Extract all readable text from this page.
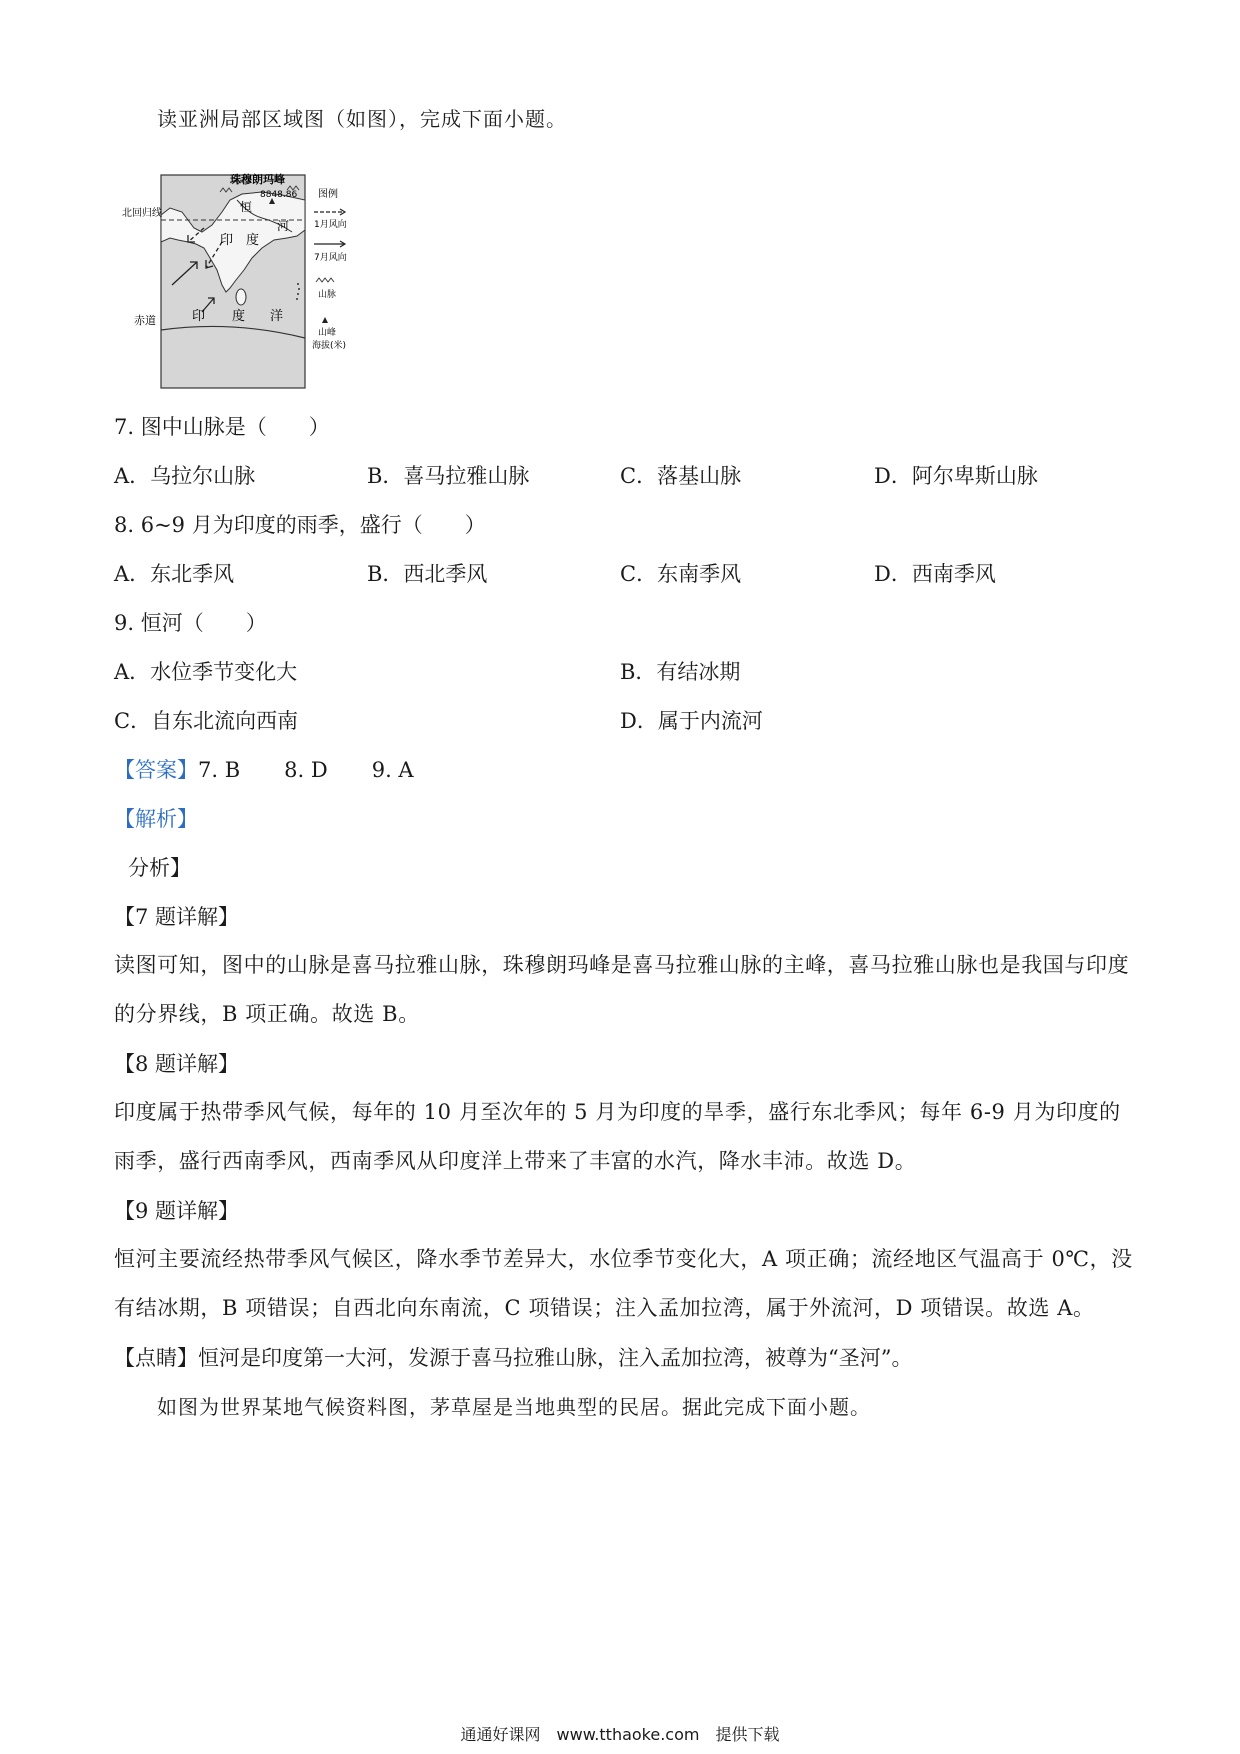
读亚洲局部区域图（如图），完成下面小题。
珠穆朗玛峰
8848.86
恒
河
印 度
印 度 洋
北回归线
赤道
图例
1月风向
7月风向
山脉
山峰
海拔(米)
7. 图中山脉是（　　）
A．乌拉尔山脉	B．喜马拉雅山脉	C．落基山脉	D．阿尔卑斯山脉
8. 6~9 月为印度的雨季，盛行（　　）
A．东北季风	B．西北季风	C．东南季风	D．西南季风
9. 恒河（　　）
A．水位季节变化大	B．有结冰期
C．自东北流向西南	D．属于内流河
【答案】7. B 8. D 9. A
【解析】
分析】
【7 题详解】
读图可知，图中的山脉是喜马拉雅山脉，珠穆朗玛峰是喜马拉雅山脉的主峰，喜马拉雅山脉也是我国与印度的分界线，B 项正确。故选 B。
【8 题详解】
印度属于热带季风气候，每年的 10 月至次年的 5 月为印度的旱季，盛行东北季风；每年 6-9 月为印度的雨季，盛行西南季风，西南季风从印度洋上带来了丰富的水汽，降水丰沛。故选 D。
【9 题详解】
恒河主要流经热带季风气候区，降水季节差异大，水位季节变化大，A 项正确；流经地区气温高于 0℃，没有结冰期，B 项错误；自西北向东南流，C 项错误；注入孟加拉湾，属于外流河，D 项错误。故选 A。
【点睛】恒河是印度第一大河，发源于喜马拉雅山脉，注入孟加拉湾，被尊为“圣河”。
如图为世界某地气候资料图，茅草屋是当地典型的民居。据此完成下面小题。
通通好课网　www.tthaoke.com　提供下载
